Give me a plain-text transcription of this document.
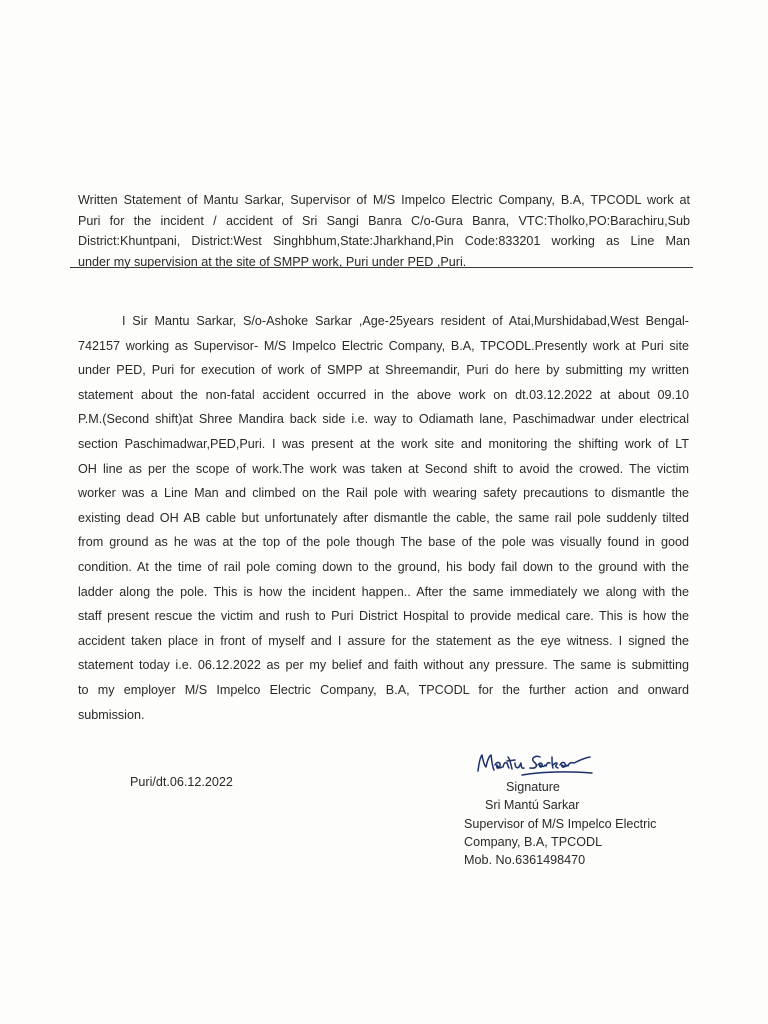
Written Statement of Mantu Sarkar, Supervisor of M/S Impelco Electric Company, B.A, TPCODL work at
Puri for the incident / accident of Sri Sangi Banra C/o-Gura Banra, VTC:Tholko,PO:Barachiru,Sub
District:Khuntpani, District:West Singhbhum,State:Jharkhand,Pin Code:833201 working as Line Man
under my supervision at the site of SMPP work, Puri under PED ,Puri.
I Sir Mantu Sarkar, S/o-Ashoke Sarkar ,Age-25years resident of Atai,Murshidabad,West Bengal-
742157 working as Supervisor- M/S Impelco Electric Company, B.A, TPCODL.Presently work at Puri site
under PED, Puri for execution of work of SMPP at Shreemandir, Puri do here by submitting my written
statement about the non-fatal accident occurred in the above work on dt.03.12.2022 at about 09.10
P.M.(Second shift)at Shree Mandira back side i.e. way to Odiamath lane, Paschimadwar under electrical
section Paschimadwar,PED,Puri. I was present at the work site and monitoring the shifting work of LT
OH line as per the scope of work.The work was taken at Second shift to avoid the crowed. The victim
worker was a Line Man and climbed on the Rail pole with wearing safety precautions to dismantle the
existing dead OH AB cable but unfortunately after dismantle the cable, the same rail pole suddenly tilted
from ground as he was at the top of the pole though The base of the pole was visually found in good
condition. At the time of rail pole coming down to the ground, his body fail down to the ground with the
ladder along the pole. This is how the incident happen.. After the same immediately we along with the
staff present rescue the victim and rush to Puri District Hospital to provide medical care. This is how the
accident taken place in front of myself and I assure for the statement as the eye witness. I signed the
statement today i.e. 06.12.2022 as per my belief and faith without any pressure. The same is submitting
to my employer M/S Impelco Electric Company, B.A, TPCODL for the further action and onward
submission.
Puri/dt.06.12.2022	Signature
Sri Mantú Sarkar
Supervisor of M/S Impelco Electric
Company, B.A, TPCODL
Mob. No.6361498470
